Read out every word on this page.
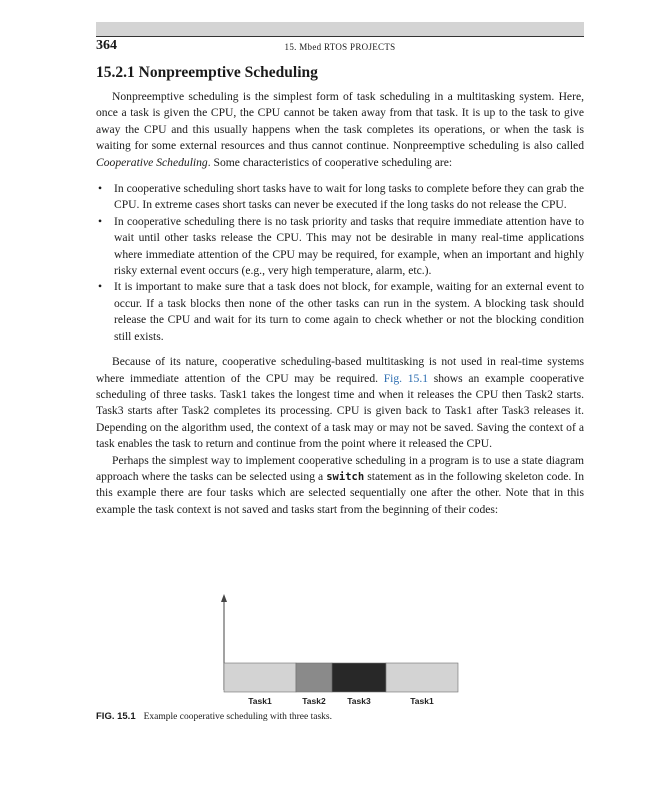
364	15. Mbed RTOS PROJECTS
15.2.1 Nonpreemptive Scheduling

Nonpreemptive scheduling is the simplest form of task scheduling in a multitasking system. Here, once a task is given the CPU, the CPU cannot be taken away from that task. It is up to the task to give away the CPU and this usually happens when the task completes its operations, or when the task is waiting for some external resources and thus cannot continue. Nonpreemptive scheduling is also called Cooperative Scheduling. Some characteristics of cooperative scheduling are:

• In cooperative scheduling short tasks have to wait for long tasks to complete before they can grab the CPU. In extreme cases short tasks can never be executed if the long tasks do not release the CPU.
• In cooperative scheduling there is no task priority and tasks that require immediate attention have to wait until other tasks release the CPU. This may not be desirable in many real-time applications where immediate attention of the CPU may be required, for example, when an important and highly risky external event occurs (e.g., very high temperature, alarm, etc.).
• It is important to make sure that a task does not block, for example, waiting for an external event to occur. If a task blocks then none of the other tasks can run in the system. A blocking task should release the CPU and wait for its turn to come again to check whether or not the blocking condition still exists.

Because of its nature, cooperative scheduling-based multitasking is not used in real-time systems where immediate attention of the CPU may be required. Fig. 15.1 shows an example cooperative scheduling of three tasks. Task1 takes the longest time and when it releases the CPU then Task2 starts. Task3 starts after Task2 completes its processing. CPU is given back to Task1 after Task3 releases it. Depending on the algorithm used, the context of a task may or may not be saved. Saving the context of a task enables the task to return and continue from the point where it released the CPU.

Perhaps the simplest way to implement cooperative scheduling in a program is to use a state diagram approach where the tasks can be selected using a switch statement as in the following skeleton code. In this example there are four tasks which are selected sequentially one after the other. Note that in this example the task context is not saved and tasks start from the beginning of their codes:

Task1	Task2	Task3	Task1
FIG. 15.1 Example cooperative scheduling with three tasks.
